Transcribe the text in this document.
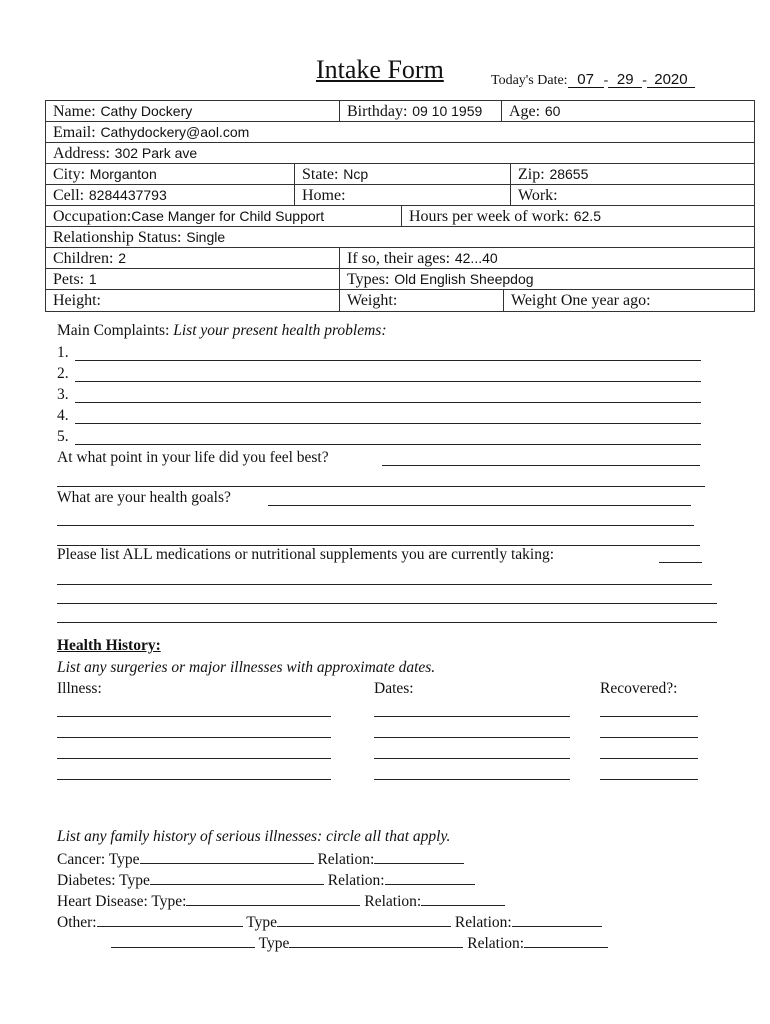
Intake Form	Today's Date: 07 - 29 - 2020
Name: Cathy Dockery	Birthday: 09 10 1959	Age: 60
Email: Cathydockery@aol.com
Address: 302 Park ave
City: Morganton	State: Ncp	Zip: 28655
Cell: 8284437793	Home:	Work:
Occupation:Case Manger for Child Support	Hours per week of work: 62.5
Relationship Status: Single
Children: 2	If so, their ages: 42...40
Pets: 1	Types: Old English Sheepdog
Height:	Weight:	Weight One year ago:
Main Complaints: List your present health problems:
1.
2.
3.
4.
5.
At what point in your life did you feel best?
What are your health goals?
Please list ALL medications or nutritional supplements you are currently taking:
Health History:
List any surgeries or major illnesses with approximate dates.
Illness:	Dates:	Recovered?:
List any family history of serious illnesses: circle all that apply.
Cancer: Type	Relation:
Diabetes: Type	Relation:
Heart Disease: Type:	Relation:
Other:	Type	Relation:
Type	Relation:
